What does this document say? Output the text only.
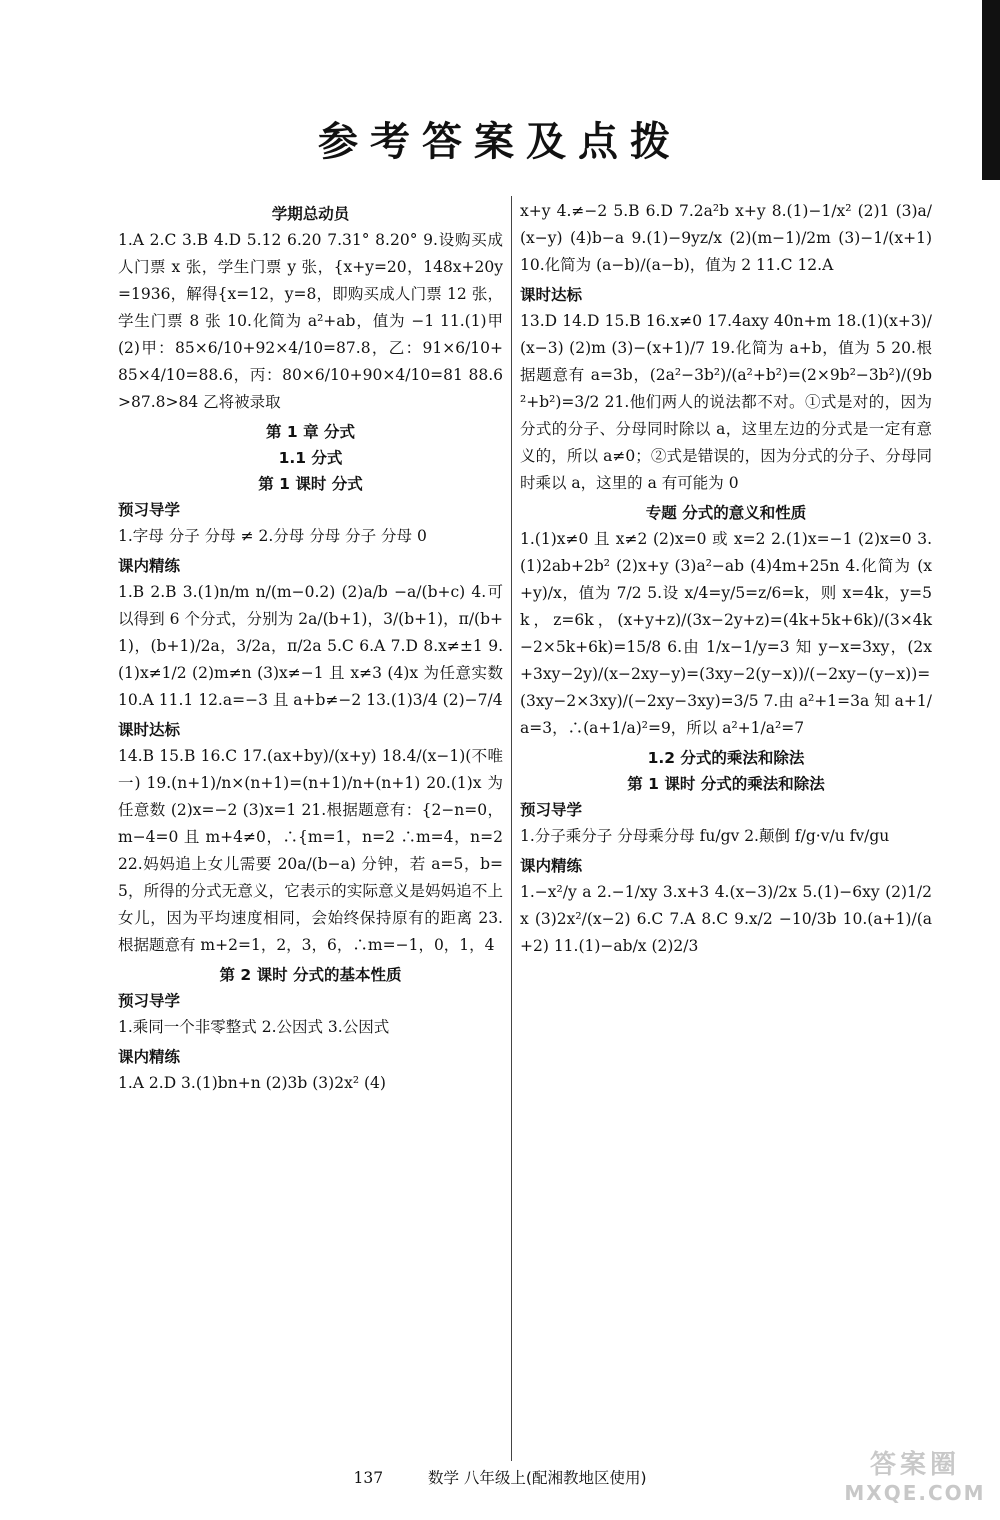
参考答案及点拨
学期总动员
1.A 2.C 3.B 4.D 5.12 6.20 7.31° 8.20° 9.设购买成人门票 x 张，学生门票 y 张，{x+y=20，148x+20y=1936，解得{x=12，y=8，即购买成人门票 12 张，学生门票 8 张 10.化简为 a²+ab，值为 −1 11.(1)甲 (2)甲：85×6/10+92×4/10=87.8，乙：91×6/10+85×4/10=88.6，丙：80×6/10+90×4/10=81 88.6>87.8>84 乙将被录取
第 1 章 分式
1.1 分式
第 1 课时 分式
预习导学
1.字母 分子 分母 ≠ 2.分母 分母 分子 分母 0
课内精练
1.B 2.B 3.(1)n/m n/(m−0.2) (2)a/b −a/(b+c) 4.可以得到 6 个分式，分别为 2a/(b+1)，3/(b+1)，π/(b+1)，(b+1)/2a，3/2a，π/2a 5.C 6.A 7.D 8.x≠±1 9.(1)x≠1/2 (2)m≠n (3)x≠−1 且 x≠3 (4)x 为任意实数 10.A 11.1 12.a=−3 且 a+b≠−2 13.(1)3/4 (2)−7/4
课时达标
14.B 15.B 16.C 17.(ax+by)/(x+y) 18.4/(x−1)(不唯一) 19.(n+1)/n×(n+1)=(n+1)/n+(n+1) 20.(1)x 为任意数 (2)x=−2 (3)x=1 21.根据题意有：{2−n=0，m−4=0 且 m+4≠0，∴{m=1，n=2 ∴m=4，n=2 22.妈妈追上女儿需要 20a/(b−a) 分钟，若 a=5，b=5，所得的分式无意义，它表示的实际意义是妈妈追不上女儿，因为平均速度相同，会始终保持原有的距离 23.根据题意有 m+2=1，2，3，6，∴m=−1，0，1，4
第 2 课时 分式的基本性质
预习导学
1.乘同一个非零整式 2.公因式 3.公因式
课内精练
1.A 2.D 3.(1)bn+n (2)3b (3)2x² (4)
x+y 4.≠−2 5.B 6.D 7.2a²b x+y 8.(1)−1/x² (2)1 (3)a/(x−y) (4)b−a 9.(1)−9yz/x (2)(m−1)/2m (3)−1/(x+1) 10.化简为 (a−b)/(a−b)，值为 2 11.C 12.A
课时达标
13.D 14.D 15.B 16.x≠0 17.4axy 40n+m 18.(1)(x+3)/(x−3) (2)m (3)−(x+1)/7 19.化简为 a+b，值为 5 20.根据题意有 a=3b，(2a²−3b²)/(a²+b²)=(2×9b²−3b²)/(9b²+b²)=3/2 21.他们两人的说法都不对。①式是对的，因为分式的分子、分母同时除以 a，这里左边的分式是一定有意义的，所以 a≠0；②式是错误的，因为分式的分子、分母同时乘以 a，这里的 a 有可能为 0
专题 分式的意义和性质
1.(1)x≠0 且 x≠2 (2)x=0 或 x=2 2.(1)x=−1 (2)x=0 3.(1)2ab+2b² (2)x+y (3)a²−ab (4)4m+25n 4.化简为 (x+y)/x，值为 7/2 5.设 x/4=y/5=z/6=k，则 x=4k，y=5k，z=6k，(x+y+z)/(3x−2y+z)=(4k+5k+6k)/(3×4k−2×5k+6k)=15/8 6.由 1/x−1/y=3 知 y−x=3xy，(2x+3xy−2y)/(x−2xy−y)=(3xy−2(y−x))/(−2xy−(y−x))=(3xy−2×3xy)/(−2xy−3xy)=3/5 7.由 a²+1=3a 知 a+1/a=3，∴(a+1/a)²=9，所以 a²+1/a²=7
1.2 分式的乘法和除法
第 1 课时 分式的乘法和除法
预习导学
1.分子乘分子 分母乘分母 fu/gv 2.颠倒 f/g·v/u fv/gu
课内精练
1.−x²/y a 2.−1/xy 3.x+3 4.(x−3)/2x 5.(1)−6xy (2)1/2x (3)2x²/(x−2) 6.C 7.A 8.C 9.x/2 −10/3b 10.(a+1)/(a+2) 11.(1)−ab/x (2)2/3
137	数学 八年级上(配湘教地区使用)	答案圈
MXQE.COM
